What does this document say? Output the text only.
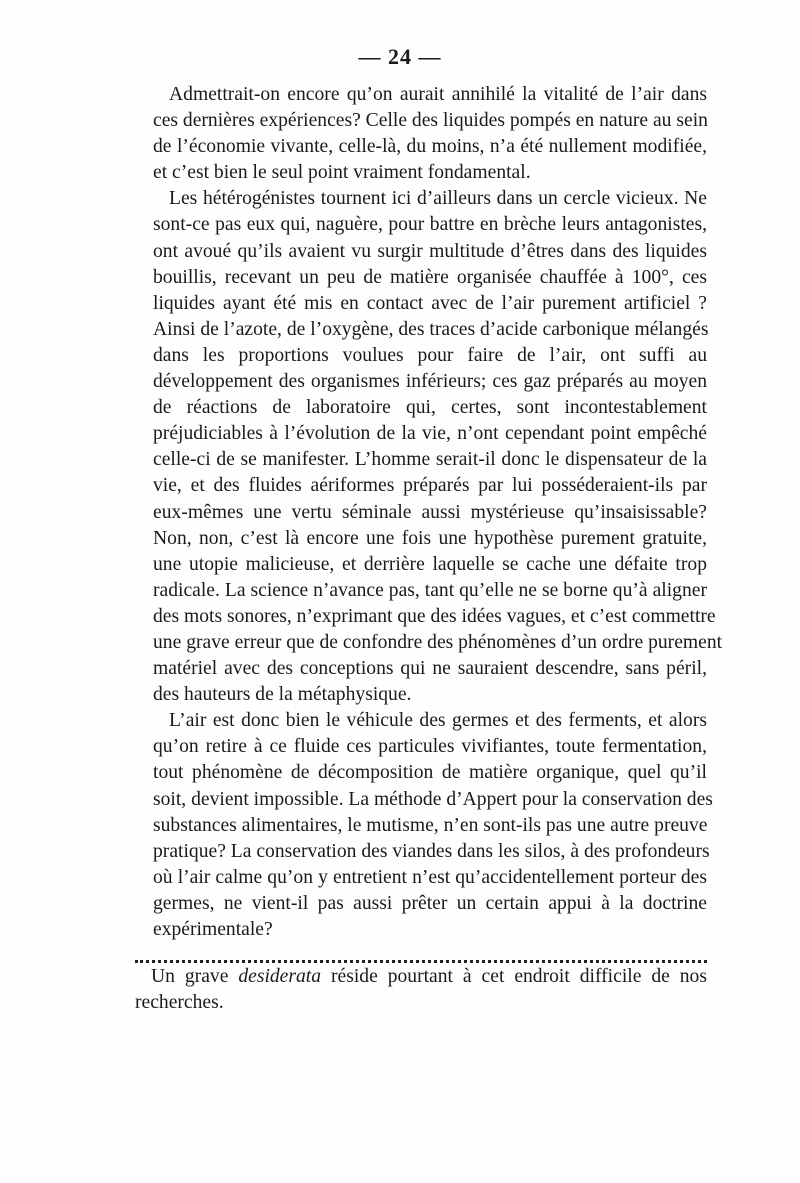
— 24 —

Admettrait-on encore qu’on aurait annihilé la vitalité de l’air dans
ces dernières expériences? Celle des liquides pompés en nature au sein
de l’économie vivante, celle-là, du moins, n’a été nullement modifiée,
et c’est bien le seul point vraiment fondamental.

Les hétérogénistes tournent ici d’ailleurs dans un cercle vicieux. Ne
sont-ce pas eux qui, naguère, pour battre en brèche leurs antagonistes,
ont avoué qu’ils avaient vu surgir multitude d’êtres dans des liquides
bouillis, recevant un peu de matière organisée chauffée à 100°, ces
liquides ayant été mis en contact avec de l’air purement artificiel ?
Ainsi de l’azote, de l’oxygène, des traces d’acide carbonique mélangés
dans les proportions voulues pour faire de l’air, ont suffi au
développement des organismes inférieurs; ces gaz préparés au moyen
de réactions de laboratoire qui, certes, sont incontestablement
préjudiciables à l’évolution de la vie, n’ont cependant point empêché
celle-ci de se manifester. L’homme serait-il donc le dispensateur de la
vie, et des fluides aériformes préparés par lui posséderaient-ils par
eux-mêmes une vertu séminale aussi mystérieuse qu’insaisissable?
Non, non, c’est là encore une fois une hypothèse purement gratuite,
une utopie malicieuse, et derrière laquelle se cache une défaite trop
radicale. La science n’avance pas, tant qu’elle ne se borne qu’à aligner
des mots sonores, n’exprimant que des idées vagues, et c’est commettre
une grave erreur que de confondre des phénomènes d’un ordre purement
matériel avec des conceptions qui ne sauraient descendre, sans péril,
des hauteurs de la métaphysique.

L’air est donc bien le véhicule des germes et des ferments, et alors
qu’on retire à ce fluide ces particules vivifiantes, toute fermentation,
tout phénomène de décomposition de matière organique, quel qu’il
soit, devient impossible. La méthode d’Appert pour la conservation des
substances alimentaires, le mutisme, n’en sont-ils pas une autre preuve
pratique? La conservation des viandes dans les silos, à des profondeurs
où l’air calme qu’on y entretient n’est qu’accidentellement porteur des
germes, ne vient-il pas aussi prêter un certain appui à la doctrine
expérimentale?

Un grave desiderata réside pourtant à cet endroit difficile de nos
recherches.
